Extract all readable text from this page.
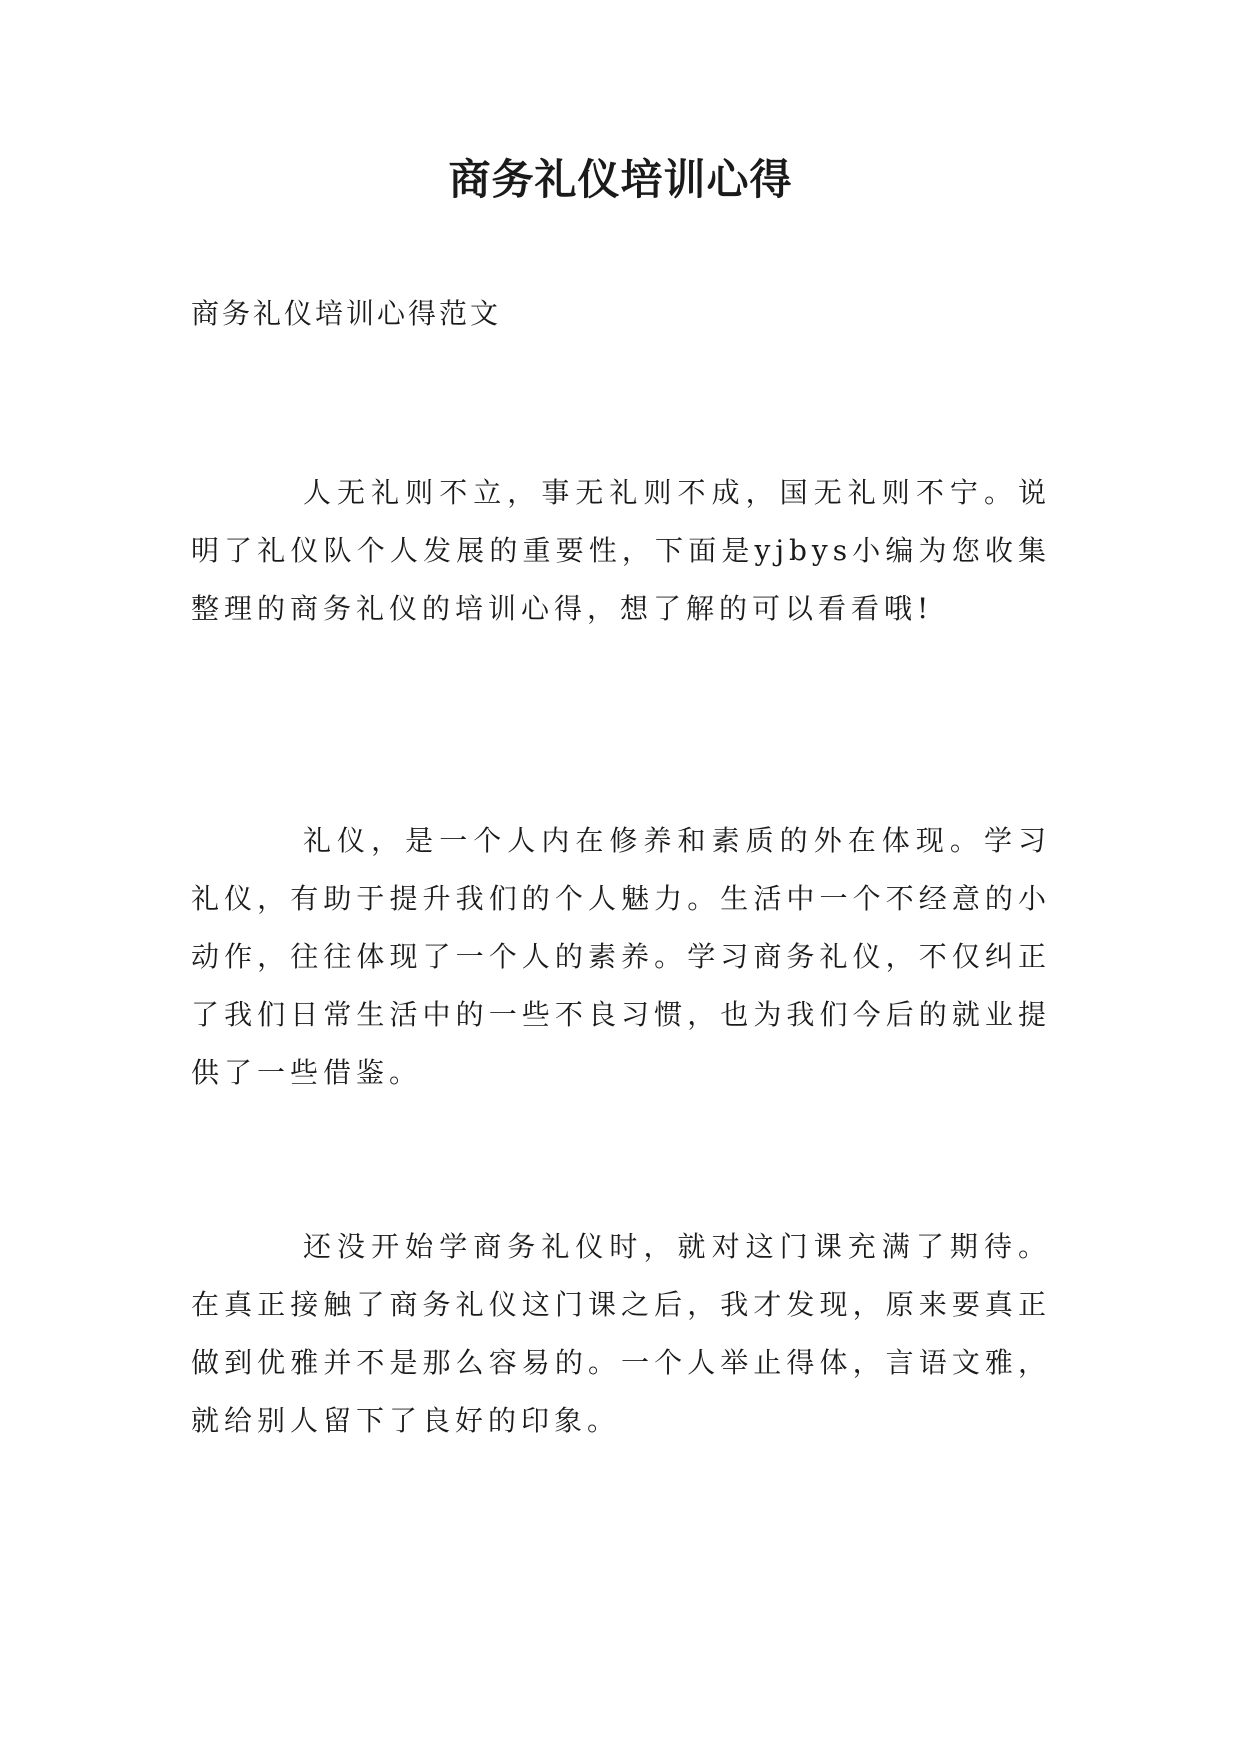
商务礼仪培训心得

商务礼仪培训心得范文

人无礼则不立，事无礼则不成，国无礼则不宁。说明了礼仪队个人发展的重要性，下面是yjbys小编为您收集整理的商务礼仪的培训心得，想了解的可以看看哦!

礼仪，是一个人内在修养和素质的外在体现。学习礼仪，有助于提升我们的个人魅力。生活中一个不经意的小动作，往往体现了一个人的素养。学习商务礼仪，不仅纠正了我们日常生活中的一些不良习惯，也为我们今后的就业提供了一些借鉴。

还没开始学商务礼仪时，就对这门课充满了期待。在真正接触了商务礼仪这门课之后，我才发现，原来要真正做到优雅并不是那么容易的。一个人举止得体，言语文雅，就给别人留下了良好的印象。
